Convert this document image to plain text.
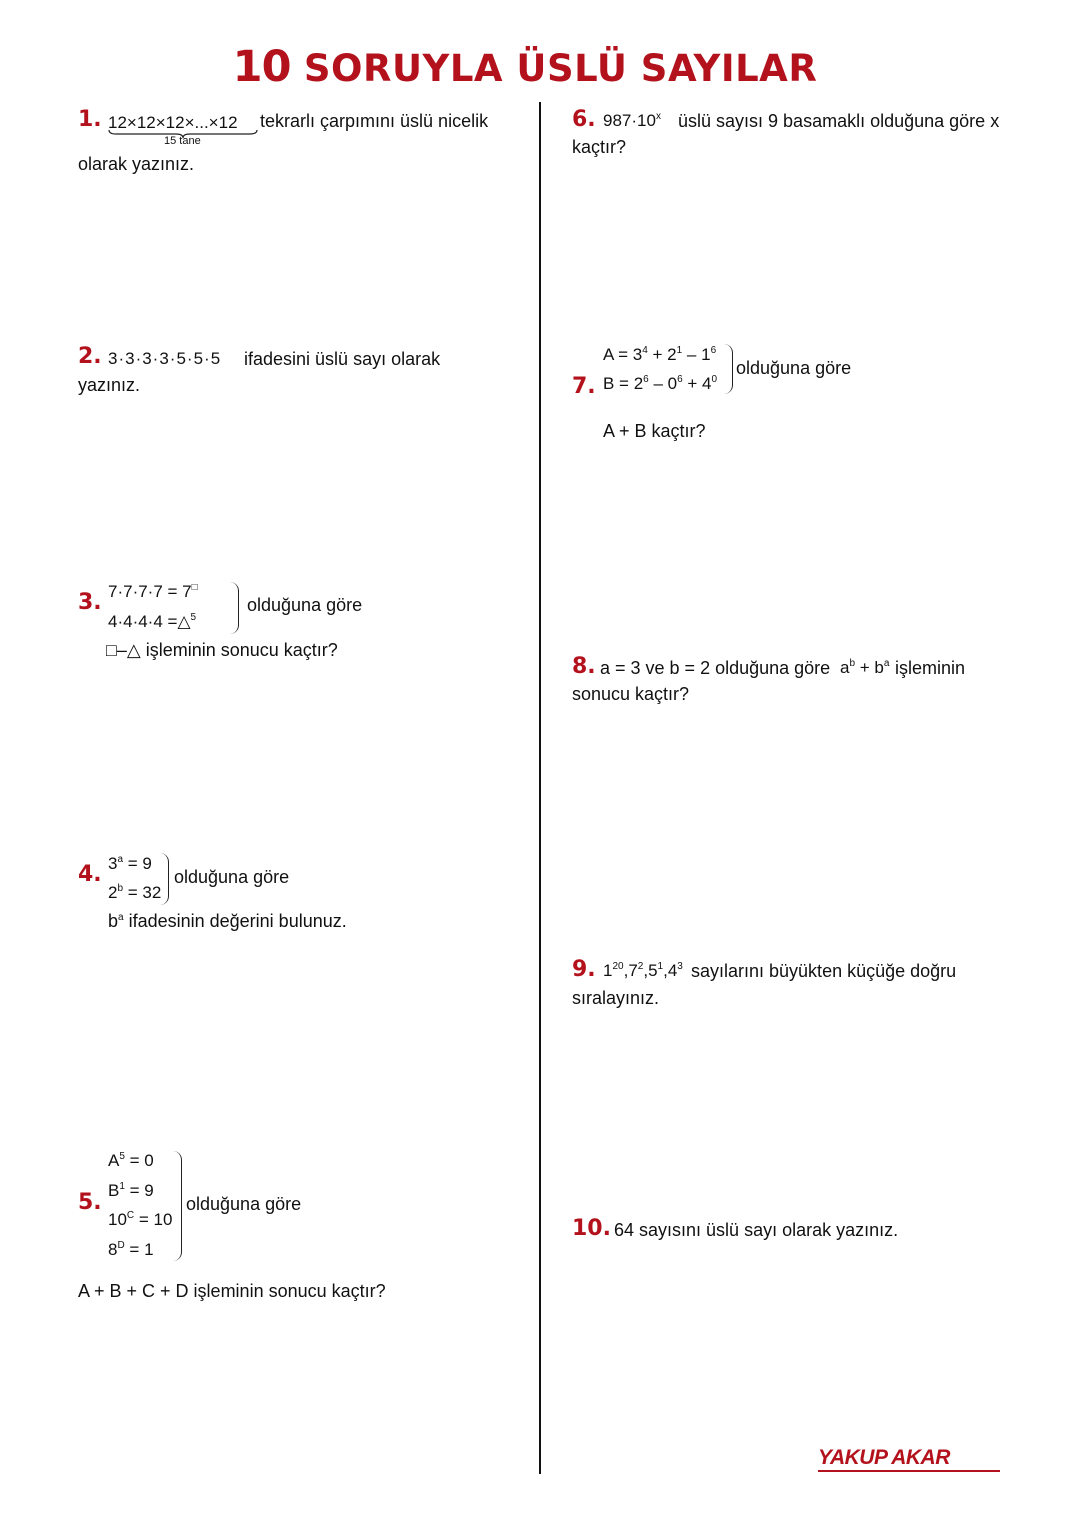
10 SORUYLA ÜSLÜ SAYILAR
1. 12×12×12×...×12
15 tane
tekrarlı çarpımını üslü nicelik
olarak yazınız.
2. 3·3·3·3·5·5·5 ifadesini üslü sayı olarak
yazınız.
3. 7·7·7·7 = 7□
4·4·4·4 =△$^5$
olduğuna göre
□–△ işleminin sonucu kaçtır?
4. $3^a = 9$
$2^b = 32$
olduğuna göre
$b^a$ ifadesinin değerini bulunuz.
5.
$A^5 = 0$
$B^1 = 9$
$10^C = 10$
$8^D = 1$
olduğuna göre
A + B + C + D işleminin sonucu kaçtır?
6. $987\cdot 10^x$ üslü sayısı 9 basamaklı olduğuna göre x
kaçtır?
7.
$A = 3^4 + 2^1 - 1^6$
$B = 2^6 - 0^6 + 4^0$
olduğuna göre
A + B kaçtır?
8. a = 3 ve b = 2 olduğuna göre $a^b + b^a$ işleminin
sonucu kaçtır?
9. $1^{20},7^2,5^1,4^3$ sayılarını büyükten küçüğe doğru
sıralayınız.
10. 64 sayısını üslü sayı olarak yazınız.
YAKUP AKAR
